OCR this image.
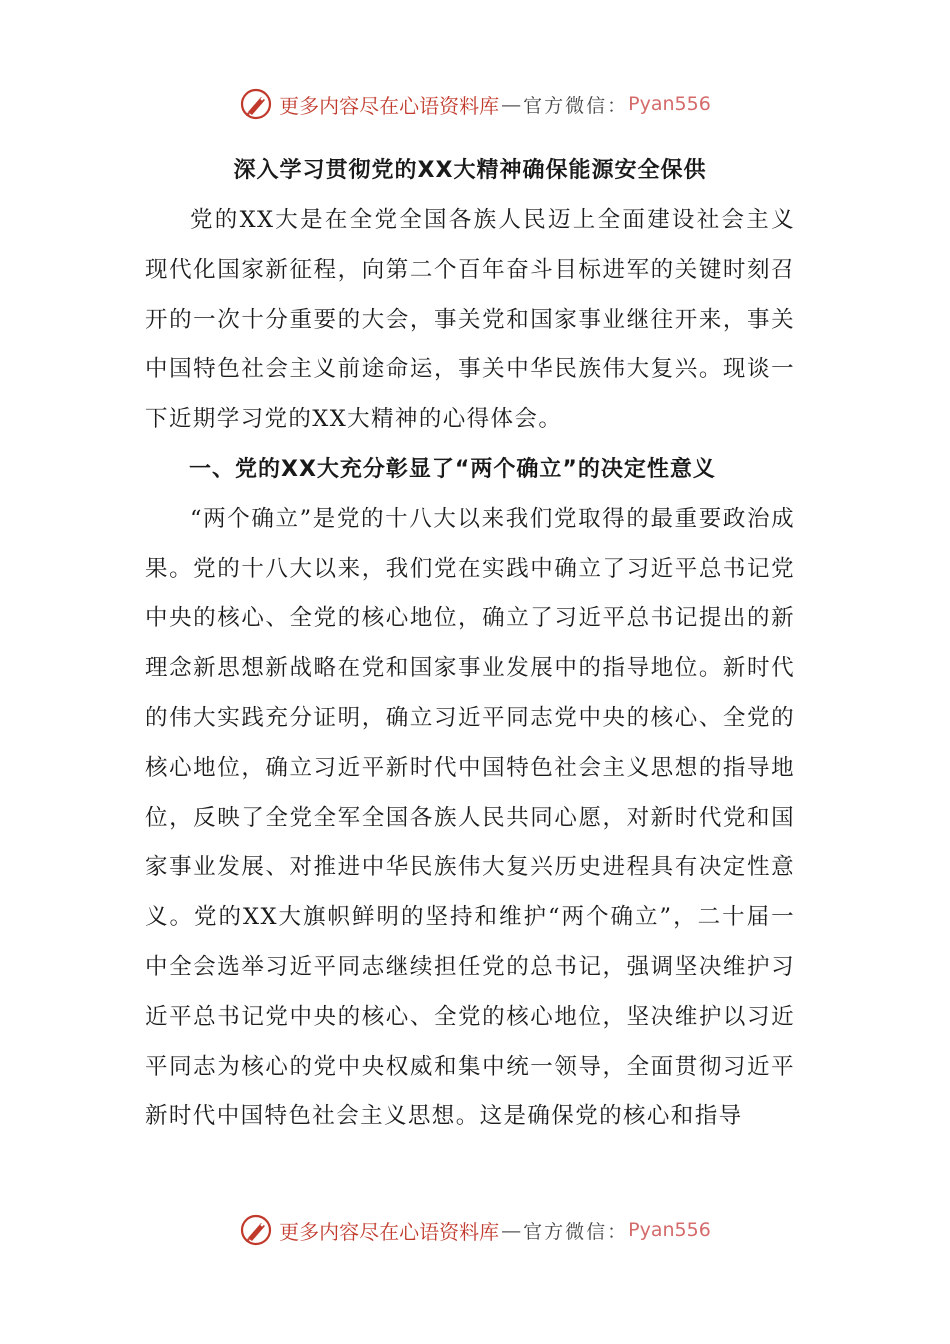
更多内容尽在心语资料库 — 官方微信： Pyan556
深入学习贯彻党的XX大精神确保能源安全保供

党的XX大是在全党全国各族人民迈上全面建设社会主义现代化国家新征程，向第二个百年奋斗目标进军的关键时刻召开的一次十分重要的大会，事关党和国家事业继往开来，事关中国特色社会主义前途命运，事关中华民族伟大复兴。现谈一下近期学习党的XX大精神的心得体会。

一、党的XX大充分彰显了“两个确立”的决定性意义

“两个确立”是党的十八大以来我们党取得的最重要政治成果。党的十八大以来，我们党在实践中确立了习近平总书记党中央的核心、全党的核心地位，确立了习近平总书记提出的新理念新思想新战略在党和国家事业发展中的指导地位。新时代的伟大实践充分证明，确立习近平同志党中央的核心、全党的核心地位，确立习近平新时代中国特色社会主义思想的指导地位，反映了全党全军全国各族人民共同心愿，对新时代党和国家事业发展、对推进中华民族伟大复兴历史进程具有决定性意义。党的XX大旗帜鲜明的坚持和维护“两个确立”，二十届一中全会选举习近平同志继续担任党的总书记，强调坚决维护习近平总书记党中央的核心、全党的核心地位，坚决维护以习近平同志为核心的党中央权威和集中统一领导，全面贯彻习近平新时代中国特色社会主义思想。这是确保党的核心和指导

更多内容尽在心语资料库 — 官方微信： Pyan556
